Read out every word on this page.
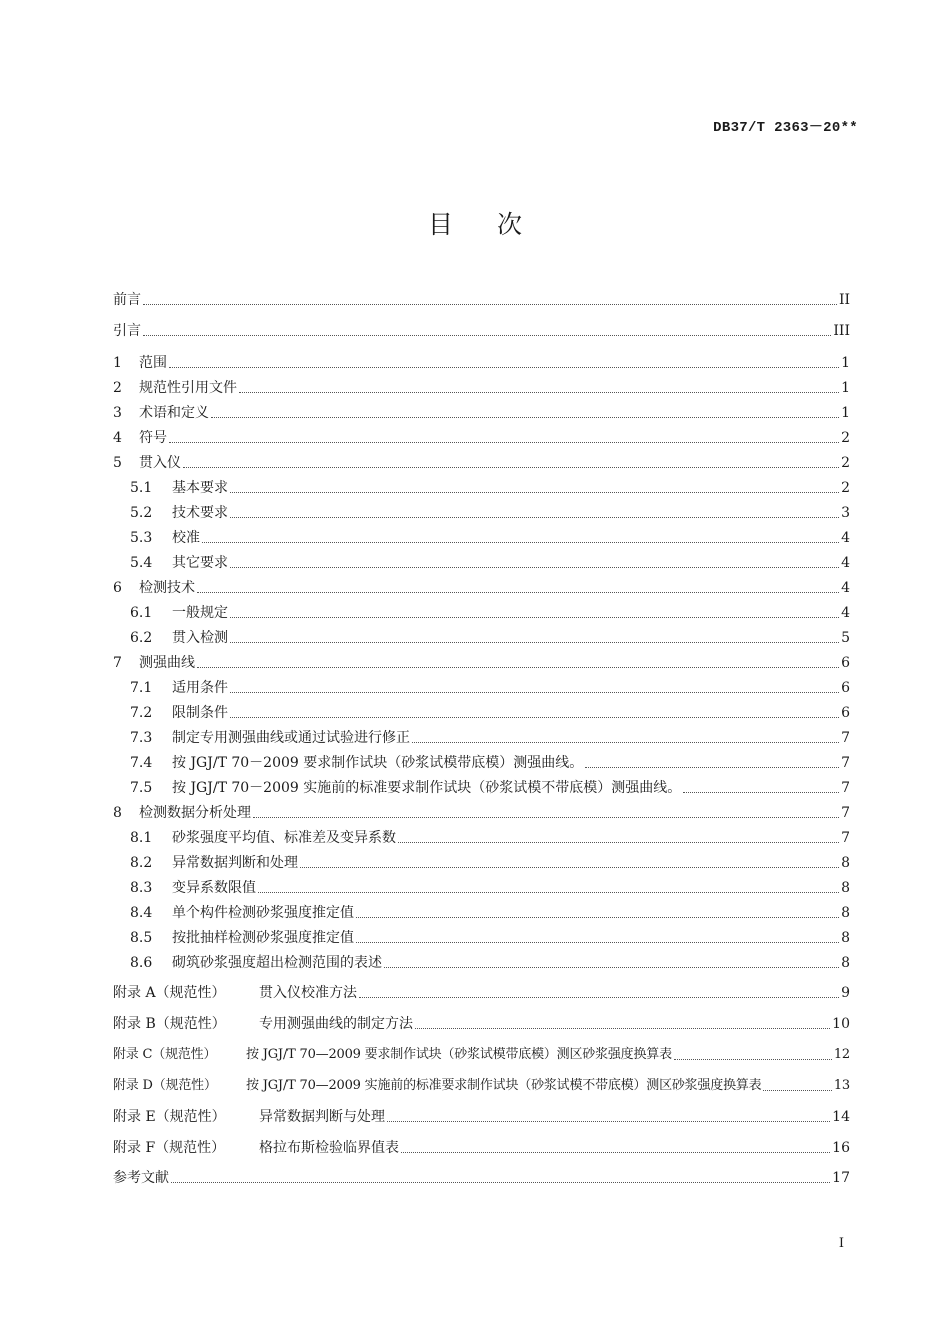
DB37/T 2363－20**
目次
前言	II
引言	III
1	范围	1
2	规范性引用文件	1
3	术语和定义	1
4	符号	2
5	贯入仪	2
5.1	基本要求	2
5.2	技术要求	3
5.3	校准	4
5.4	其它要求	4
6	检测技术	4
6.1	一般规定	4
6.2	贯入检测	5
7	测强曲线	6
7.1	适用条件	6
7.2	限制条件	6
7.3	制定专用测强曲线或通过试验进行修正	7
7.4	按 JGJ/T 70－2009 要求制作试块（砂浆试模带底模）测强曲线。	7
7.5	按 JGJ/T 70－2009 实施前的标准要求制作试块（砂浆试模不带底模）测强曲线。	7
8	检测数据分析处理	7
8.1	砂浆强度平均值、标准差及变异系数	7
8.2	异常数据判断和处理	8
8.3	变异系数限值	8
8.4	单个构件检测砂浆强度推定值	8
8.5	按批抽样检测砂浆强度推定值	8
8.6	砌筑砂浆强度超出检测范围的表述	8
附录 A（规范性）	贯入仪校准方法	9
附录 B（规范性）	专用测强曲线的制定方法	10
附录 C（规范性）	按 JGJ/T 70—2009 要求制作试块（砂浆试模带底模）测区砂浆强度换算表	12
附录 D（规范性）	按 JGJ/T 70—2009 实施前的标准要求制作试块（砂浆试模不带底模）测区砂浆强度换算表	13
附录 E（规范性）	异常数据判断与处理	14
附录 F（规范性）	格拉布斯检验临界值表	16
参考文献	17
I
